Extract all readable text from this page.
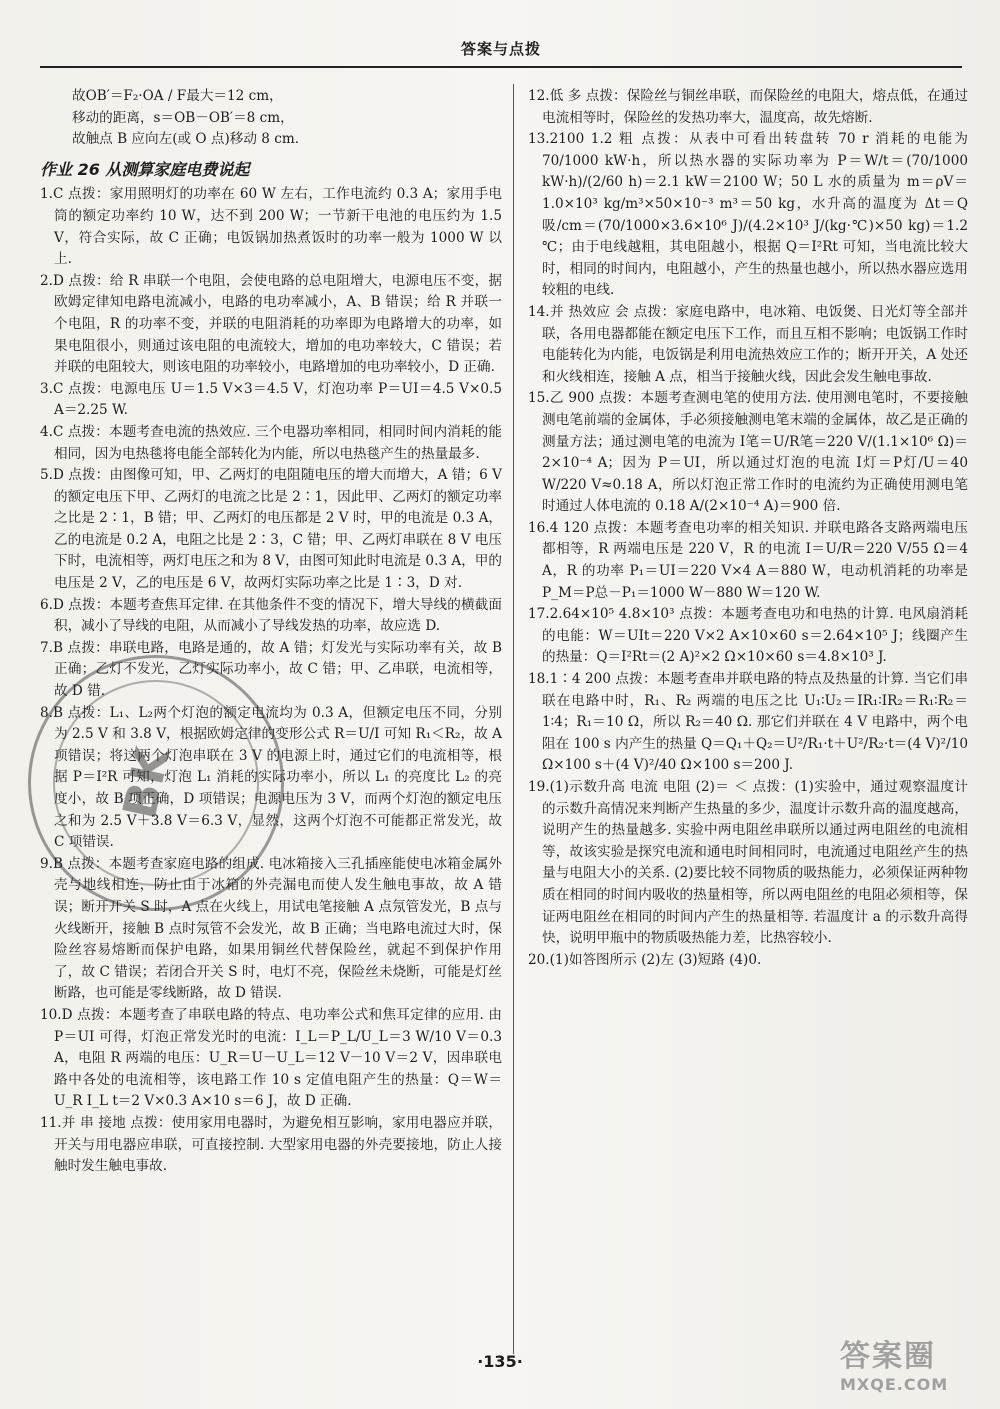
答案与点拨

故OB′＝F₂·OA / F最大＝12 cm，

移动的距离，s＝OB－OB′＝8 cm，

故触点 B 应向左(或 O 点)移动 8 cm.

作业 26 从测算家庭电费说起

1.C 点拨：家用照明灯的功率在 60 W 左右，工作电流约 0.3 A；家用手电筒的额定功率约 10 W，达不到 200 W；一节新干电池的电压约为 1.5 V，符合实际，故 C 正确；电饭锅加热煮饭时的功率一般为 1000 W 以上.

2.D 点拨：给 R 串联一个电阻，会使电路的总电阻增大，电源电压不变，据欧姆定律知电路电流减小，电路的电功率减小，A、B 错误；给 R 并联一个电阻，R 的功率不变，并联的电阻消耗的功率即为电路增大的功率，如果电阻很小，则通过该电阻的电流较大，增加的电功率较大，C 错误；若并联的电阻较大，则该电阻的功率较小，电路增加的电功率较小，D 正确.

3.C 点拨：电源电压 U＝1.5 V×3＝4.5 V，灯泡功率 P＝UI＝4.5 V×0.5 A＝2.25 W.

4.C 点拨：本题考查电流的热效应. 三个电器功率相同，相同时间内消耗的能相同，因为电热毯将电能全部转化为内能，所以电热毯产生的热量最多.

5.D 点拨：由图像可知，甲、乙两灯的电阻随电压的增大而增大，A 错；6 V 的额定电压下甲、乙两灯的电流之比是 2∶1，因此甲、乙两灯的额定功率之比是 2∶1，B 错；甲、乙两灯的电压都是 2 V 时，甲的电流是 0.3 A，乙的电流是 0.2 A，电阻之比是 2∶3，C 错；甲、乙两灯串联在 8 V 电压下时，电流相等，两灯电压之和为 8 V，由图可知此时电流是 0.3 A，甲的电压是 2 V，乙的电压是 6 V，故两灯实际功率之比是 1∶3，D 对.

6.D 点拨：本题考查焦耳定律. 在其他条件不变的情况下，增大导线的横截面积，减小了导线的电阻，从而减小了导线发热的功率，故应选 D.

7.B 点拨：串联电路，电路是通的，故 A 错；灯发光与实际功率有关，故 B 正确；乙灯不发光，乙灯实际功率小，故 C 错；甲、乙串联，电流相等，故 D 错.

8.B 点拨：L₁、L₂两个灯泡的额定电流均为 0.3 A，但额定电压不同，分别为 2.5 V 和 3.8 V，根据欧姆定律的变形公式 R＝U/I 可知 R₁＜R₂，故 A 项错误；将这两个灯泡串联在 3 V 的电源上时，通过它们的电流相等，根据 P＝I²R 可知，灯泡 L₁ 消耗的实际功率小，所以 L₁ 的亮度比 L₂ 的亮度小，故 B 项正确，D 项错误；电源电压为 3 V，而两个灯泡的额定电压之和为 2.5 V＋3.8 V＝6.3 V，显然，这两个灯泡不可能都正常发光，故 C 项错误.

9.B 点拨：本题考查家庭电路的组成. 电冰箱接入三孔插座能使电冰箱金属外壳与地线相连，防止由于冰箱的外壳漏电而使人发生触电事故，故 A 错误；断开开关 S 时，A 点在火线上，用试电笔接触 A 点氖管发光，B 点与火线断开，接触 B 点时氖管不会发光，故 B 正确；当电路电流过大时，保险丝容易熔断而保护电路，如果用铜丝代替保险丝，就起不到保护作用了，故 C 错误；若闭合开关 S 时，电灯不亮，保险丝未烧断，可能是灯丝断路，也可能是零线断路，故 D 错误.

10.D 点拨：本题考查了串联电路的特点、电功率公式和焦耳定律的应用. 由 P＝UI 可得，灯泡正常发光时的电流：I_L＝P_L/U_L＝3 W/10 V＝0.3 A，电阻 R 两端的电压：U_R＝U－U_L＝12 V－10 V＝2 V，因串联电路中各处的电流相等，该电路工作 10 s 定值电阻产生的热量：Q＝W＝U_R I_L t＝2 V×0.3 A×10 s＝6 J，故 D 正确.

11.并 串 接地 点拨：使用家用电器时，为避免相互影响，家用电器应并联，开关与用电器应串联，可直接控制. 大型家用电器的外壳要接地，防止人接触时发生触电事故.

12.低 多 点拨：保险丝与铜丝串联，而保险丝的电阻大，熔点低，在通过电流相等时，保险丝的发热功率大，温度高，故先熔断.

13.2100 1.2 粗 点拨：从表中可看出转盘转 70 r 消耗的电能为 70/1000 kW·h，所以热水器的实际功率为 P＝W/t＝(70/1000 kW·h)/(2/60 h)＝2.1 kW＝2100 W；50 L 水的质量为 m＝ρV＝1.0×10³ kg/m³×50×10⁻³ m³＝50 kg，水升高的温度为 Δt＝Q吸/cm＝(70/1000×3.6×10⁶ J)/(4.2×10³ J/(kg·℃)×50 kg)＝1.2 ℃；由于电线越粗，其电阻越小，根据 Q＝I²Rt 可知，当电流比较大时，相同的时间内，电阻越小，产生的热量也越小，所以热水器应选用较粗的电线.

14.并 热效应 会 点拨：家庭电路中，电冰箱、电饭煲、日光灯等全部并联，各用电器都能在额定电压下工作，而且互相不影响；电饭锅工作时电能转化为内能，电饭锅是利用电流热效应工作的；断开开关，A 处还和火线相连，接触 A 点，相当于接触火线，因此会发生触电事故.

15.乙 900 点拨：本题考查测电笔的使用方法. 使用测电笔时，不要接触测电笔前端的金属体，手必须接触测电笔末端的金属体，故乙是正确的测量方法；通过测电笔的电流为 I笔＝U/R笔＝220 V/(1.1×10⁶ Ω)＝2×10⁻⁴ A；因为 P＝UI，所以通过灯泡的电流 I灯＝P灯/U＝40 W/220 V≈0.18 A，所以灯泡正常工作时的电流约为正确使用测电笔时通过人体电流的 0.18 A/(2×10⁻⁴ A)＝900 倍.

16.4 120 点拨：本题考查电功率的相关知识. 并联电路各支路两端电压都相等，R 两端电压是 220 V，R 的电流 I＝U/R＝220 V/55 Ω＝4 A，R 的功率 P₁＝UI＝220 V×4 A＝880 W，电动机消耗的功率是 P_M＝P总－P₁＝1000 W－880 W＝120 W.

17.2.64×10⁵ 4.8×10³ 点拨：本题考查电功和电热的计算. 电风扇消耗的电能：W＝UIt＝220 V×2 A×10×60 s＝2.64×10⁵ J；线圈产生的热量：Q＝I²Rt＝(2 A)²×2 Ω×10×60 s＝4.8×10³ J.

18.1∶4 200 点拨：本题考查串并联电路的特点及热量的计算. 当它们串联在电路中时，R₁、R₂ 两端的电压之比 U₁∶U₂＝IR₁∶IR₂＝R₁∶R₂＝1∶4；R₁＝10 Ω，所以 R₂＝40 Ω. 那它们并联在 4 V 电路中，两个电阻在 100 s 内产生的热量 Q＝Q₁＋Q₂＝U²/R₁·t＋U²/R₂·t＝(4 V)²/10 Ω×100 s＋(4 V)²/40 Ω×100 s＝200 J.

19.(1)示数升高 电流 电阻 (2)＝ ＜ 点拨：(1)实验中，通过观察温度计的示数升高情况来判断产生热量的多少，温度计示数升高的温度越高，说明产生的热量越多. 实验中两电阻丝串联所以通过两电阻丝的电流相等，故该实验是探究电流和通电时间相同时，电流通过电阻丝产生的热量与电阻大小的关系. (2)要比较不同物质的吸热能力，必须保证两种物质在相同的时间内吸收的热量相等，所以两电阻丝的电阻必须相等，保证两电阻丝在相同的时间内产生的热量相等. 若温度计 a 的示数升高得快，说明甲瓶中的物质吸热能力差，比热容较小.

20.(1)如答图所示 (2)左 (3)短路 (4)0.

BK
·135·	答案圈
MXQE.COM
